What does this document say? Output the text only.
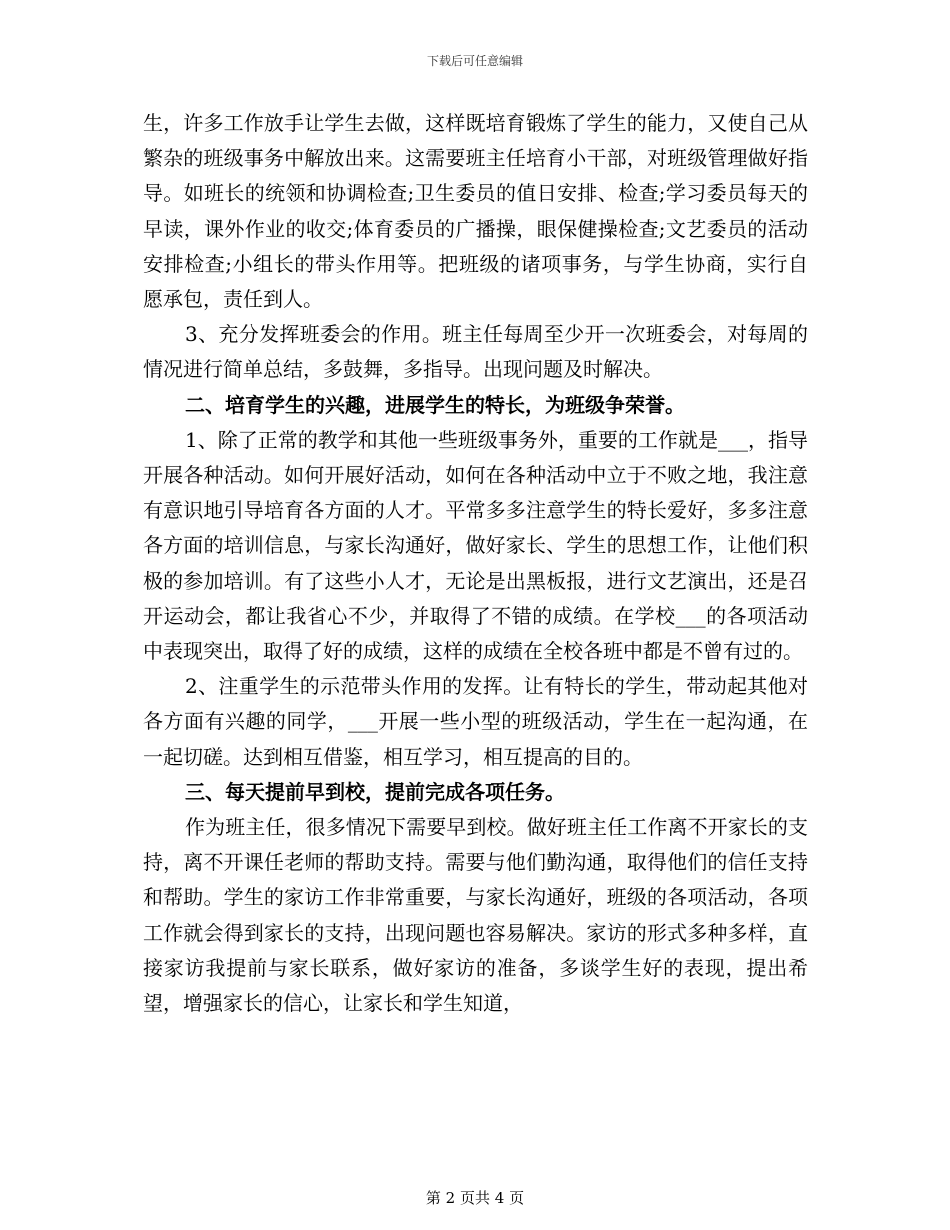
下载后可任意编辑

生，许多工作放手让学生去做，这样既培育锻炼了学生的能力，又使自己从繁杂的班级事务中解放出来。这需要班主任培育小干部，对班级管理做好指导。如班长的统领和协调检查;卫生委员的值日安排、检查;学习委员每天的早读，课外作业的收交;体育委员的广播操，眼保健操检查;文艺委员的活动安排检查;小组长的带头作用等。把班级的诸项事务，与学生协商，实行自愿承包，责任到人。

3、充分发挥班委会的作用。班主任每周至少开一次班委会，对每周的情况进行简单总结，多鼓舞，多指导。出现问题及时解决。

二、培育学生的兴趣，进展学生的特长，为班级争荣誉。

1、除了正常的教学和其他一些班级事务外，重要的工作就是___，指导开展各种活动。如何开展好活动，如何在各种活动中立于不败之地，我注意有意识地引导培育各方面的人才。平常多多注意学生的特长爱好，多多注意各方面的培训信息，与家长沟通好，做好家长、学生的思想工作，让他们积极的参加培训。有了这些小人才，无论是出黑板报，进行文艺演出，还是召开运动会，都让我省心不少，并取得了不错的成绩。在学校___的各项活动中表现突出，取得了好的成绩，这样的成绩在全校各班中都是不曾有过的。

2、注重学生的示范带头作用的发挥。让有特长的学生，带动起其他对各方面有兴趣的同学，___开展一些小型的班级活动，学生在一起沟通，在一起切磋。达到相互借鉴，相互学习，相互提高的目的。

三、每天提前早到校，提前完成各项任务。

作为班主任，很多情况下需要早到校。做好班主任工作离不开家长的支持，离不开课任老师的帮助支持。需要与他们勤沟通，取得他们的信任支持和帮助。学生的家访工作非常重要，与家长沟通好，班级的各项活动，各项工作就会得到家长的支持，出现问题也容易解决。家访的形式多种多样，直接家访我提前与家长联系，做好家访的准备，多谈学生好的表现，提出希望，增强家长的信心，让家长和学生知道，

第 2 页共 4 页
